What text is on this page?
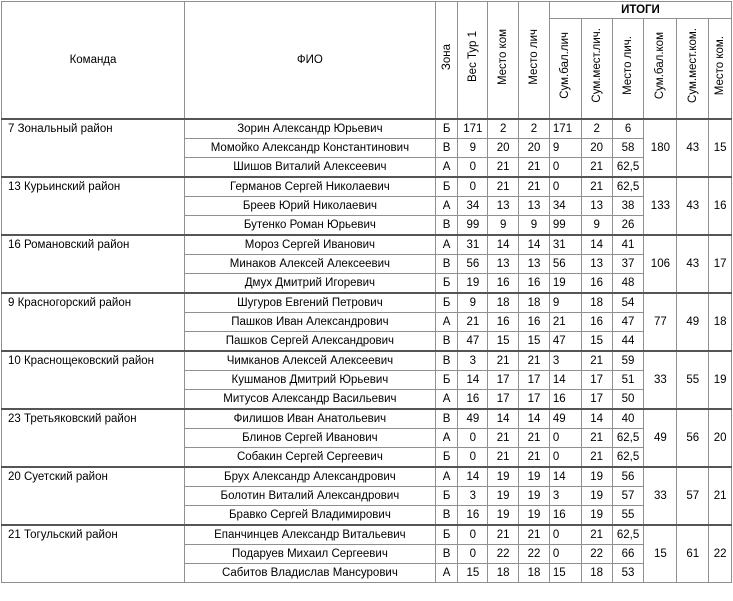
Команда	ФИО	Зона	Вес Тур 1	Место ком	Место лич	ИТОГИ					
						Сум.бал.лич	Сум.мест.лич.	Место лич.	Сум.бал.ком	Сум.мест.ком.	Место ком.
7 Зональный район	Зорин Александр Юрьевич	Б	171	2	2	171	2	6	180	43	15
	Момойко Александр Константинович	В	9	20	20	9	20	58			
	Шишов Виталий Алексеевич	А	0	21	21	0	21	62,5			
13 Курьинский район	Германов Сергей Николаевич	Б	0	21	21	0	21	62,5	133	43	16
	Бреев Юрий Николаевич	А	34	13	13	34	13	38			
	Бутенко Роман Юрьевич	В	99	9	9	99	9	26			
16 Романовский район	Мороз Сергей Иванович	А	31	14	14	31	14	41	106	43	17
	Минаков Алексей Алексеевич	В	56	13	13	56	13	37			
	Дмух Дмитрий Игоревич	Б	19	16	16	19	16	48			
9 Красногорский район	Шугуров Евгений Петрович	Б	9	18	18	9	18	54	77	49	18
	Пашков Иван Александрович	А	21	16	16	21	16	47			
	Пашков Сергей Александрович	В	47	15	15	47	15	44			
10 Краснощековский район	Чимканов Алексей Алексеевич	В	3	21	21	3	21	59	33	55	19
	Кушманов Дмитрий Юрьевич	Б	14	17	17	14	17	51			
	Митусов Александр Васильевич	А	16	17	17	16	17	50			
23 Третьяковский район	Филишов Иван Анатольевич	В	49	14	14	49	14	40	49	56	20
	Блинов Сергей Иванович	А	0	21	21	0	21	62,5			
	Собакин Сергей Сергеевич	Б	0	21	21	0	21	62,5			
20 Суетский район	Брух Александр Александрович	А	14	19	19	14	19	56	33	57	21
	Болотин Виталий Александрович	Б	3	19	19	3	19	57			
	Бравко Сергей Владимирович	В	16	19	19	16	19	55			
21 Тогульский район	Епанчинцев Александр Витальевич	Б	0	21	21	0	21	62,5	15	61	22
	Подаруев Михаил Сергеевич	В	0	22	22	0	22	66			
	Сабитов Владислав Мансурович	А	15	18	18	15	18	53			
